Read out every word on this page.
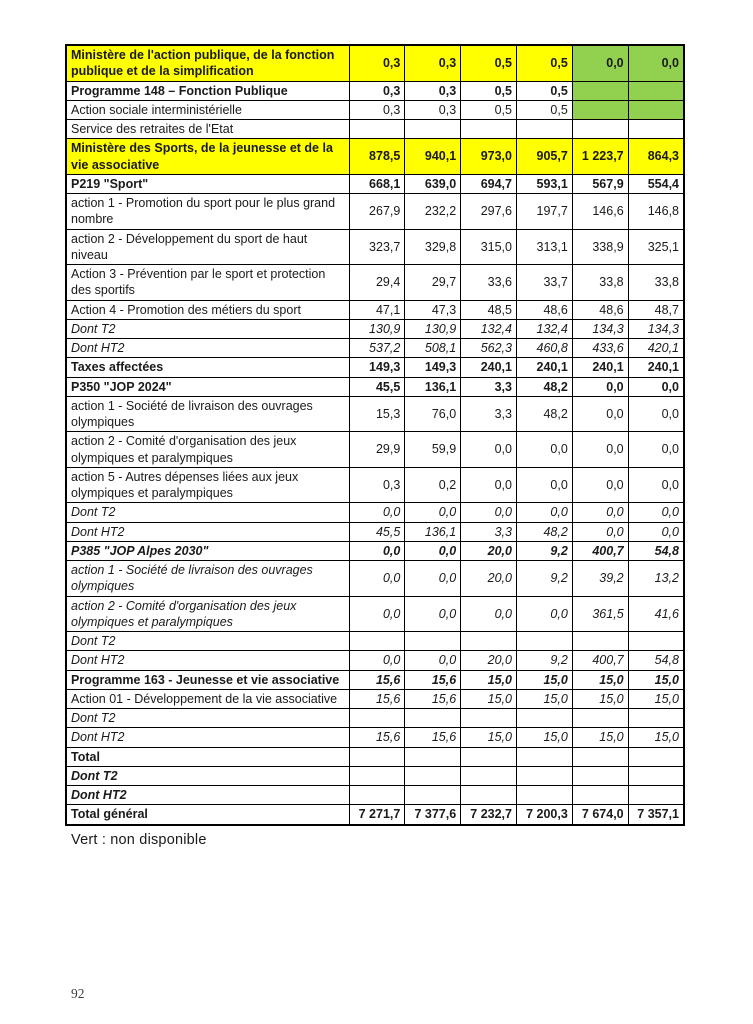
Ministère de l'action publique, de la fonction publique et de la simplification	0,3	0,3	0,5	0,5	0,0	0,0
Programme 148 – Fonction Publique	0,3	0,3	0,5	0,5		
Action sociale interministérielle	0,3	0,3	0,5	0,5		
Service des retraites de l'Etat						
Ministère des Sports, de la jeunesse et de la vie associative	878,5	940,1	973,0	905,7	1 223,7	864,3
P219 "Sport"	668,1	639,0	694,7	593,1	567,9	554,4
action 1 - Promotion du sport pour le plus grand nombre	267,9	232,2	297,6	197,7	146,6	146,8
action 2 - Développement du sport de haut niveau	323,7	329,8	315,0	313,1	338,9	325,1
Action 3 - Prévention par le sport et protection des sportifs	29,4	29,7	33,6	33,7	33,8	33,8
Action 4 - Promotion des métiers du sport	47,1	47,3	48,5	48,6	48,6	48,7
Dont T2	130,9	130,9	132,4	132,4	134,3	134,3
Dont HT2	537,2	508,1	562,3	460,8	433,6	420,1
Taxes affectées	149,3	149,3	240,1	240,1	240,1	240,1
P350 "JOP 2024"	45,5	136,1	3,3	48,2	0,0	0,0
action 1 - Société de livraison des ouvrages olympiques	15,3	76,0	3,3	48,2	0,0	0,0
action 2 - Comité d'organisation des jeux olympiques et paralympiques	29,9	59,9	0,0	0,0	0,0	0,0
action 5 - Autres dépenses liées aux jeux olympiques et paralympiques	0,3	0,2	0,0	0,0	0,0	0,0
Dont T2	0,0	0,0	0,0	0,0	0,0	0,0
Dont HT2	45,5	136,1	3,3	48,2	0,0	0,0
P385 "JOP Alpes 2030"	0,0	0,0	20,0	9,2	400,7	54,8
action 1 - Société de livraison des ouvrages olympiques	0,0	0,0	20,0	9,2	39,2	13,2
action 2 - Comité d'organisation des jeux olympiques et paralympiques	0,0	0,0	0,0	0,0	361,5	41,6
Dont T2						
Dont HT2	0,0	0,0	20,0	9,2	400,7	54,8
Programme 163 - Jeunesse et vie associative	15,6	15,6	15,0	15,0	15,0	15,0
Action 01 - Développement de la vie associative	15,6	15,6	15,0	15,0	15,0	15,0
Dont T2						
Dont HT2	15,6	15,6	15,0	15,0	15,0	15,0
Total						
Dont T2						
Dont HT2						
Total général	7 271,7	7 377,6	7 232,7	7 200,3	7 674,0	7 357,1
Vert : non disponible
92
